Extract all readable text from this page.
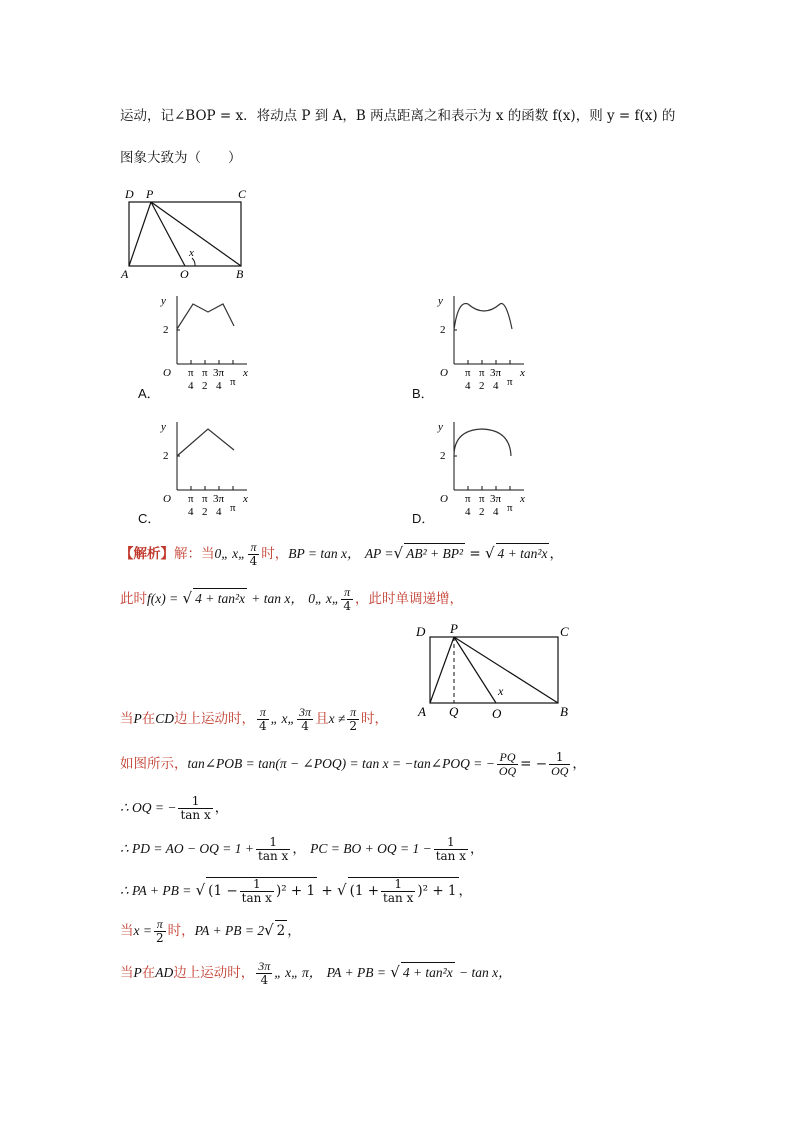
运动，记∠BOP = x．将动点 P 到 A，B 两点距离之和表示为 x 的函数 f(x)，则 y = f(x) 的
图象大致为（　　）
D P	C
A	O	B
x
y
x
O
2
π
4
π
2
3π
4 π
A．
y
x
O
2
π
4
π
2
3π
4 π
B．
y
x
O
2
π
4
π
2
3π
4 π
C．
y
x
O
2
π
4
π
2
3π
4 π
D．
【解析】解：当0„ x„ $\frac{\pi}{4}$ 时，BP = tan x， AP =√ AB² + BP² = √ 4 + tan²x ，
此时f(x) = √ 4 + tan²x + tan x， 0„ x„ $\frac{\pi}{4}$ ，此时单调递增，
D P	C
A Q	O	B
x
当P在CD边上运动时， $\frac{\pi}{4}$ „ x„ $\frac{3\pi}{4}$ 且$x \ne \frac{\pi}{2}$ 时，
如图所示，tan∠POB = tan(π − ∠POQ) = tan x = −tan∠POQ = − $\frac{PQ}{OQ}$ = − $\frac{1}{OQ}$ ，
∴ OQ = − $\frac{1}{\text{tan x}}$ ，
∴ PD = AO − OQ = $1 + \frac{1}{\text{tan x}}$ ， PC = BO + OQ = $1 - \frac{1}{\text{tan x}}$ ，
∴ PA + PB = √ $(1 - \frac{1}{\text{tan x}} )^2 + 1$ + √ $(1 + \frac{1}{\text{tan x}} )^2 + 1$ ，
当$x = \frac{\pi}{2}$ 时，PA + PB = 2√ 2 ，
当P在AD边上运动时， $\frac{3\pi}{4}$ „ x„ π， PA + PB = √ 4 + tan²x − tan x，
